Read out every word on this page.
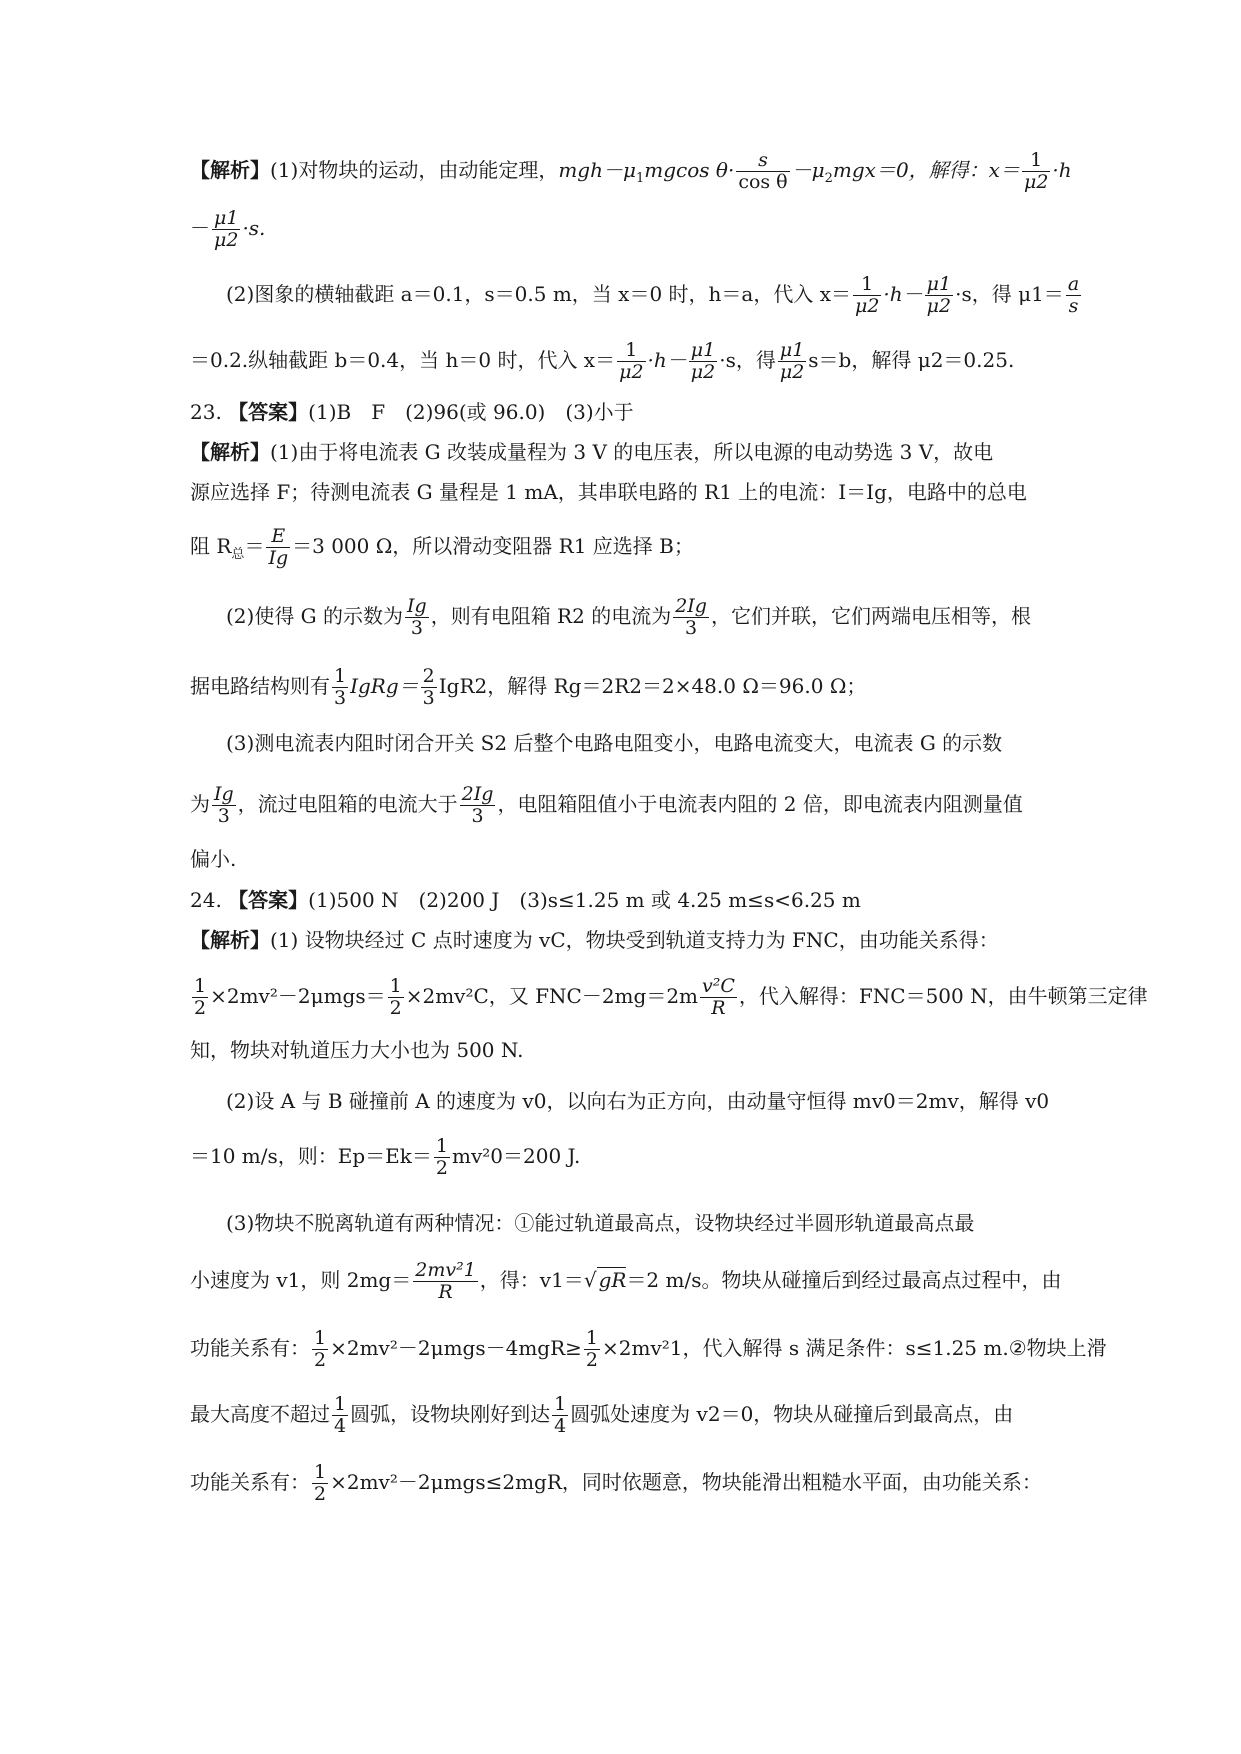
【解析】(1)对物块的运动，由动能定理，$mgh-\mu_1mgcos$ $\theta\cdot \frac{s}{\text{cos θ}} -\mu_2mgx=0$，解得：$x= \frac{1}{\mu 2} \cdot h$
－ $\frac{\mu 1}{\mu 2} \cdot s$.
(2)图象的横轴截距 a＝0.1，s＝0.5 m，当 x＝0 时，h＝a，代入 $x= \frac{1}{\mu 2} \cdot h- \frac{\mu 1}{\mu 2} \cdot s$，得 $\mu 1= \frac{a}{s}$
＝0.2.纵轴截距 b＝0.4，当 h＝0 时，代入 $x= \frac{1}{\mu 2} \cdot h- \frac{\mu 1}{\mu 2} \cdot s$，得 $\frac{\mu 1}{\mu 2} s=b$，解得 μ2＝0.25.
23. 【答案】(1)B　F　(2)96(或 96.0)　(3)小于
【解析】(1)由于将电流表 G 改装成量程为 3 V 的电压表，所以电源的电动势选 3 V，故电
源应选择 F；待测电流表 G 量程是 1 mA，其串联电路的 R1 上的电流：I＝Ig，电路中的总电
阻 $R_总= \frac{E}{Ig} =3$ 000 Ω，所以滑动变阻器 R1 应选择 B；
(2)使得 G 的示数为 $\frac{Ig}{3}$ ，则有电阻箱 R2 的电流为 $\frac{2Ig}{3}$ ，它们并联，它们两端电压相等，根
据电路结构则有 $\frac{1}{3}$ IgRg＝ $\frac{2}{3} IgR2$，解得 Rg＝2R2＝2×48.0 Ω＝96.0 Ω；
(3)测电流表内阻时闭合开关 S2 后整个电路电阻变小，电路电流变大，电流表 G 的示数
为 $\frac{Ig}{3}$ ，流过电阻箱的电流大于 $\frac{2Ig}{3}$ ，电阻箱阻值小于电流表内阻的 2 倍，即电流表内阻测量值
偏小.
24. 【答案】(1)500 N　(2)200 J　(3)s≤1.25 m 或 4.25 m≤s<6.25 m
【解析】(1) 设物块经过 C 点时速度为 vC，物块受到轨道支持力为 FNC，由功能关系得：
$\frac{1}{2} \times 2mv^2-2\mu mgs= \frac{1}{2} \times 2mv^2C$，又 $FNC-2mg=2m \frac{\text{v²C}}{R}$ ，代入解得：FNC＝500 N，由牛顿第三定律
知，物块对轨道压力大小也为 500 N.
(2)设 A 与 B 碰撞前 A 的速度为 v0，以向右为正方向，由动量守恒得 mv0＝2mv，解得 v0
＝10 m/s，则：$Ep=Ek= \frac{1}{2} mv^20=200$ J.
(3)物块不脱离轨道有两种情况：①能过轨道最高点，设物块经过半圆形轨道最高点最
小速度为 v1，则 $2mg= \frac{\text{2mv²1}}{R}$ ，得：v1＝√ gR＝2 m/s。物块从碰撞后到经过最高点过程中，由
功能关系有： $\frac{1}{2} \times 2mv^2-2\mu mgs-4mgR\ge \frac{1}{2} \times 2mv^21$，代入解得 s 满足条件：s≤1.25 m.②物块上滑
最大高度不超过 $\frac{1}{4}$ 圆弧，设物块刚好到达 $\frac{1}{4}$ 圆弧处速度为 v2＝0，物块从碰撞后到最高点，由
功能关系有： $\frac{1}{2} \times 2mv^2-2\mu mgs\le 2mgR$，同时依题意，物块能滑出粗糙水平面，由功能关系：
